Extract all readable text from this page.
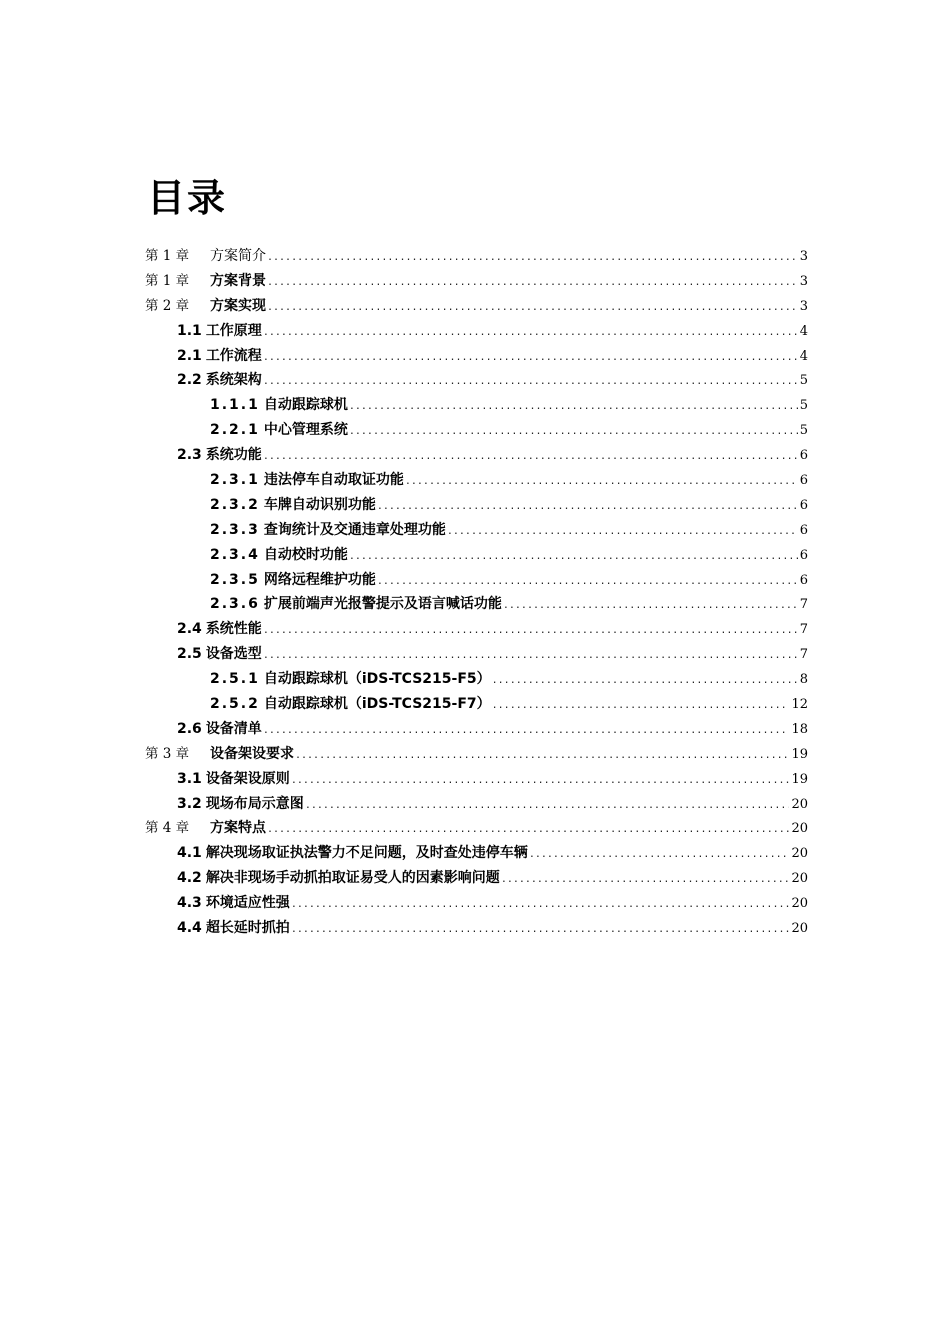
目录
第 1 章	方案简介 .....	3
第 1 章	方案背景 .....	3
第 2 章	方案实现 .....	3
1.1 工作原理 .....	4
2.1 工作流程 .....	4
2.2 系统架构 .....	5
1.1.1 自动跟踪球机 .....	5
2.2.1 中心管理系统 .....	5
2.3 系统功能 .....	6
2.3.1 违法停车自动取证功能 .....	6
2.3.2 车牌自动识别功能 .....	6
2.3.3 查询统计及交通违章处理功能 .....	6
2.3.4 自动校时功能 .....	6
2.3.5 网络远程维护功能 .....	6
2.3.6 扩展前端声光报警提示及语言喊话功能 .....	7
2.4 系统性能 .....	7
2.5 设备选型 .....	7
2.5.1 自动跟踪球机（iDS-TCS215-F5） .....	8
2.5.2 自动跟踪球机（iDS-TCS215-F7） .....	12
2.6 设备清单 .....	18
第 3 章	设备架设要求 .....	19
3.1 设备架设原则 .....	19
3.2 现场布局示意图 .....	20
第 4 章	方案特点 .....	20
4.1 解决现场取证执法警力不足问题，及时查处违停车辆 .....	20
4.2 解决非现场手动抓拍取证易受人的因素影响问题 .....	20
4.3 环境适应性强 .....	20
4.4 超长延时抓拍 .....	20
